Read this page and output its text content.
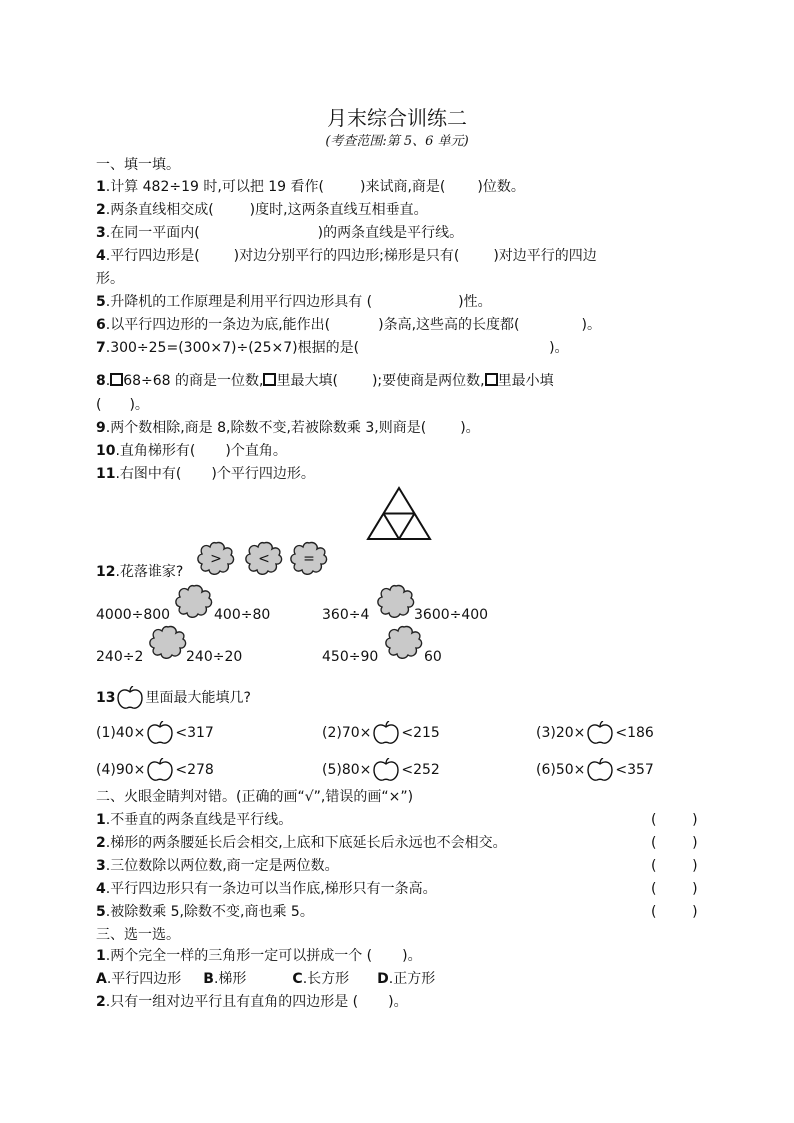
月末综合训练二
(考查范围:第 5、6 单元)
一、填一填。
1.计算 482÷19 时,可以把 19 看作(	)来试商,商是( )位数。
2.两条直线相交成(	)度时,这两条直线互相垂直。
3.在同一平面内(	)的两条直线是平行线。
4.平行四边形是( )对边分别平行的四边形;梯形是只有( )对边平行的四边
形。
5.升降机的工作原理是利用平行四边形具有 (	)性。
6.以平行四边形的一条边为底,能作出(	)条高,这些高的长度都(	)。
7.300÷25=(300×7)÷(25×7)根据的是(	)。
8. 68÷68 的商是一位数, 里最大填( );要使商是两位数, 里最小填
( )。
9.两个数相除,商是 8,除数不变,若被除数乘 3,则商是( )。
10.直角梯形有( )个直角。
11.右图中有( )个平行四边形。
12.花落谁家?
>	< =
4000÷800	400÷80	360÷4	3600÷400
240÷2	240÷20	450÷90	60
13 里面最大能填几?
(1)40× <317	(2)70× <215	(3)20× <186
(4)90× <278	(5)80× <252	(6)50× <357
二、火眼金睛判对错。(正确的画“√”,错误的画“×”)
1.不垂直的两条直线是平行线。	(        )
2.梯形的两条腰延长后会相交,上底和下底延长后永远也不会相交。	(        )
3.三位数除以两位数,商一定是两位数。	(        )
4.平行四边形只有一条边可以当作底,梯形只有一条高。	(        )
5.被除数乘 5,除数不变,商也乘 5。	(        )
三、选一选。
1.两个完全一样的三角形一定可以拼成一个 ( )。
A.平行四边形 B.梯形	C.长方形 D.正方形
2.只有一组对边平行且有直角的四边形是 ( )。
